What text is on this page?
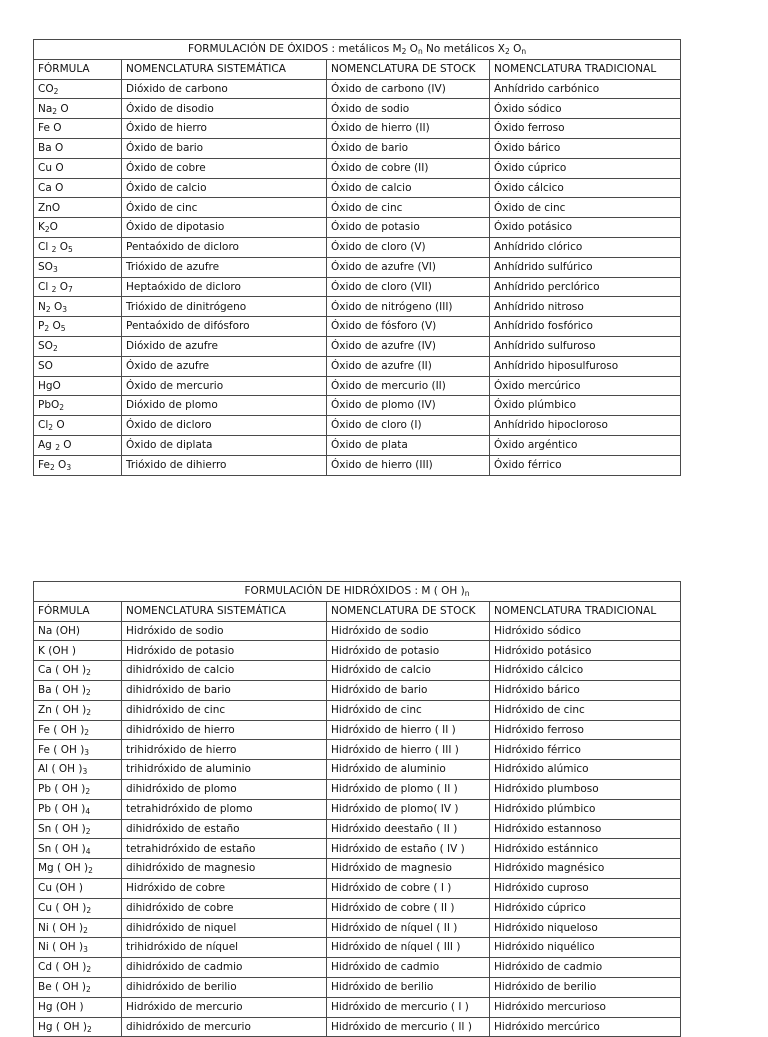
FORMULACIÓN DE ÓXIDOS : metálicos $M_2$ $O_n$ No metálicos $X_2$ $O_n$
FÓRMULA	NOMENCLATURA SISTEMÁTICA	NOMENCLATURA DE STOCK	NOMENCLATURA TRADICIONAL
$CO_2$	Dióxido de carbono	Óxido de carbono (IV)	Anhídrido carbónico
$Na_2$ O	Óxido de disodio	Óxido de sodio	Óxido sódico
Fe O	Óxido de hierro	Óxido de hierro (II)	Óxido ferroso
Ba O	Óxido de bario	Óxido de bario	Óxido bárico
Cu O	Óxido de cobre	Óxido de cobre (II)	Óxido cúprico
Ca O	Óxido de calcio	Óxido de calcio	Óxido cálcico
ZnO	Óxido de cinc	Óxido de cinc	Óxido de cinc
$K_2O$	Óxido de dipotasio	Óxido de potasio	Óxido potásico
Cl $_2$ $O_5$	Pentaóxido de dicloro	Óxido de cloro (V)	Anhídrido clórico
$SO_3$	Trióxido de azufre	Óxido de azufre (VI)	Anhídrido sulfúrico
Cl $_2$ $O_7$	Heptaóxido de dicloro	Óxido de cloro (VII)	Anhídrido perclórico
$N_2$ $O_3$	Trióxido de dinitrógeno	Óxido de nitrógeno (III)	Anhídrido nitroso
$P_2$ $O_5$	Pentaóxido de difósforo	Óxido de fósforo (V)	Anhídrido fosfórico
$SO_2$	Dióxido de azufre	Óxido de azufre (IV)	Anhídrido sulfuroso
SO	Óxido de azufre	Óxido de azufre (II)	Anhídrido hiposulfuroso
HgO	Óxido de mercurio	Óxido de mercurio (II)	Óxido mercúrico
PbO$_2$	Dióxido de plomo	Óxido de plomo (IV)	Óxido plúmbico
$Cl_2$ O	Óxido de dicloro	Óxido de cloro (I)	Anhídrido hipocloroso
Ag $_2$ O	Óxido de diplata	Óxido de plata	Óxido argéntico
$Fe_2$ $O_3$	Trióxido de dihierro	Óxido de hierro (III)	Óxido férrico
FORMULACIÓN DE HIDRÓXIDOS : M ( OH )$_n$
FÓRMULA	NOMENCLATURA SISTEMÁTICA	NOMENCLATURA DE STOCK	NOMENCLATURA TRADICIONAL
Na (OH)	Hidróxido de sodio	Hidróxido de sodio	Hidróxido sódico
K (OH )	Hidróxido de potasio	Hidróxido de potasio	Hidróxido potásico
Ca ( OH )$_2$	dihidróxido de calcio	Hidróxido de calcio	Hidróxido cálcico
Ba ( OH )$_2$	dihidróxido de bario	Hidróxido de bario	Hidróxido bárico
Zn ( OH )$_2$	dihidróxido de cinc	Hidróxido de cinc	Hidróxido de cinc
Fe ( OH )$_2$	dihidróxido de hierro	Hidróxido de hierro ( II )	Hidróxido ferroso
Fe ( OH )$_3$	trihidróxido de hierro	Hidróxido de hierro ( III )	Hidróxido férrico
Al ( OH )$_3$	trihidróxido de aluminio	Hidróxido de aluminio	Hidróxido alúmico
Pb ( OH )$_2$	dihidróxido de plomo	Hidróxido de plomo ( II )	Hidróxido plumboso
Pb ( OH )$_4$	tetrahidróxido de plomo	Hidróxido de plomo( IV )	Hidróxido plúmbico
Sn ( OH )$_2$	dihidróxido de estaño	Hidróxido deestaño ( II )	Hidróxido estannoso
Sn ( OH )$_4$	tetrahidróxido de estaño	Hidróxido de estaño ( IV )	Hidróxido estánnico
Mg ( OH )$_2$	dihidróxido de magnesio	Hidróxido de magnesio	Hidróxido magnésico
Cu (OH )	Hidróxido de cobre	Hidróxido de cobre ( I )	Hidróxido cuproso
Cu ( OH )$_2$	dihidróxido de cobre	Hidróxido de cobre ( II )	Hidróxido cúprico
Ni ( OH )$_2$	dihidróxido de niquel	Hidróxido de níquel ( II )	Hidróxido niqueloso
Ni ( OH )$_3$	trihidróxido de níquel	Hidróxido de níquel ( III )	Hidróxido niquélico
Cd ( OH )$_2$	dihidróxido de cadmio	Hidróxido de cadmio	Hidróxido de cadmio
Be ( OH )$_2$	dihidróxido de berilio	Hidróxido de berilio	Hidróxido de berilio
Hg (OH )	Hidróxido de mercurio	Hidróxido de mercurio ( I )	Hidróxido mercurioso
Hg ( OH )$_2$	dihidróxido de mercurio	Hidróxido de mercurio ( II )	Hidróxido mercúrico
